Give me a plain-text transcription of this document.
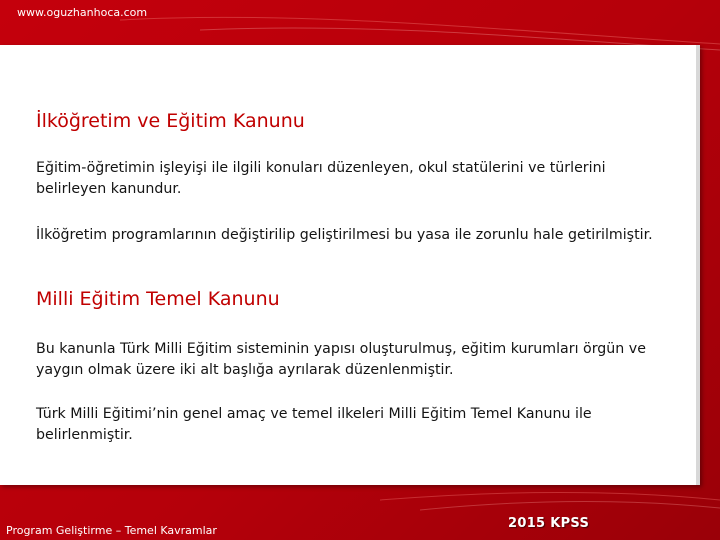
www.oguzhanhoca.com
İlköğretim ve Eğitim Kanunu

Eğitim-öğretimin işleyişi ile ilgili konuları düzenleyen, okul statülerini ve türlerini belirleyen kanundur.

İlköğretim programlarının değiştirilip geliştirilmesi bu yasa ile zorunlu hale getirilmiştir.

Milli Eğitim Temel Kanunu

Bu kanunla Türk Milli Eğitim sisteminin yapısı oluşturulmuş, eğitim kurumları örgün ve yaygın olmak üzere iki alt başlığa ayrılarak düzenlenmiştir.

Türk Milli Eğitimi’nin genel amaç ve temel ilkeleri Milli Eğitim Temel Kanunu ile belirlenmiştir.

Program Geliştirme – Temel Kavramlar	2015 KPSS
